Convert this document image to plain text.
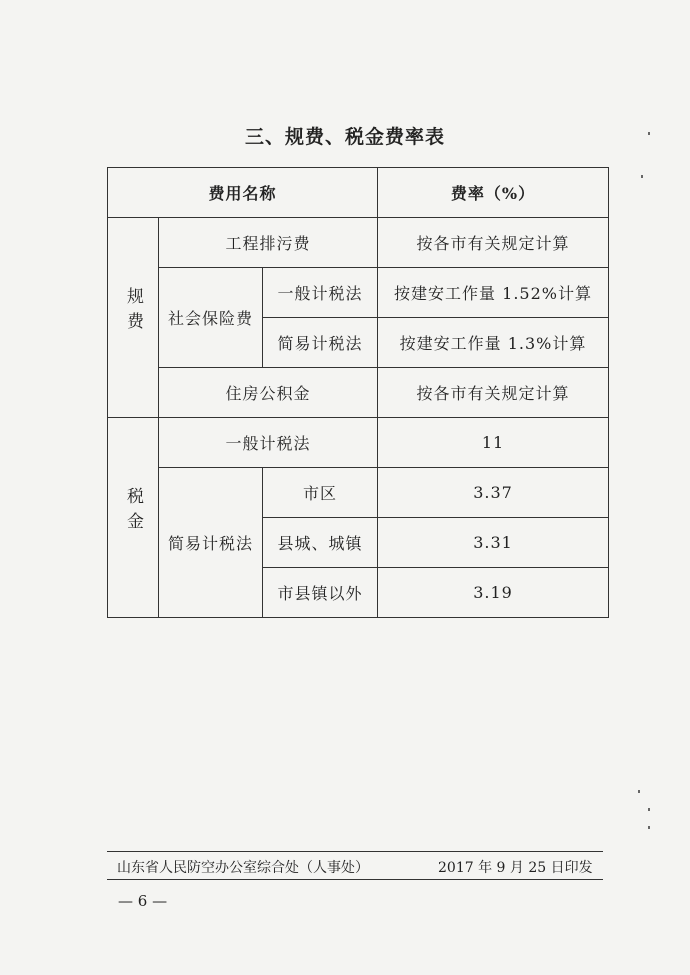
三、规费、税金费率表
费用名称			费率（%）
规费	工程排污费		按各市有关规定计算
	社会保险费	一般计税法	按建安工作量 1.52%计算
		简易计税法	按建安工作量 1.3%计算
	住房公积金		按各市有关规定计算
税金	一般计税法		11
	简易计税法	市区	3.37
		县城、城镇	3.31
		市县镇以外	3.19
山东省人民防空办公室综合处（人事处）	2017 年 9 月 25 日印发
— 6 —
